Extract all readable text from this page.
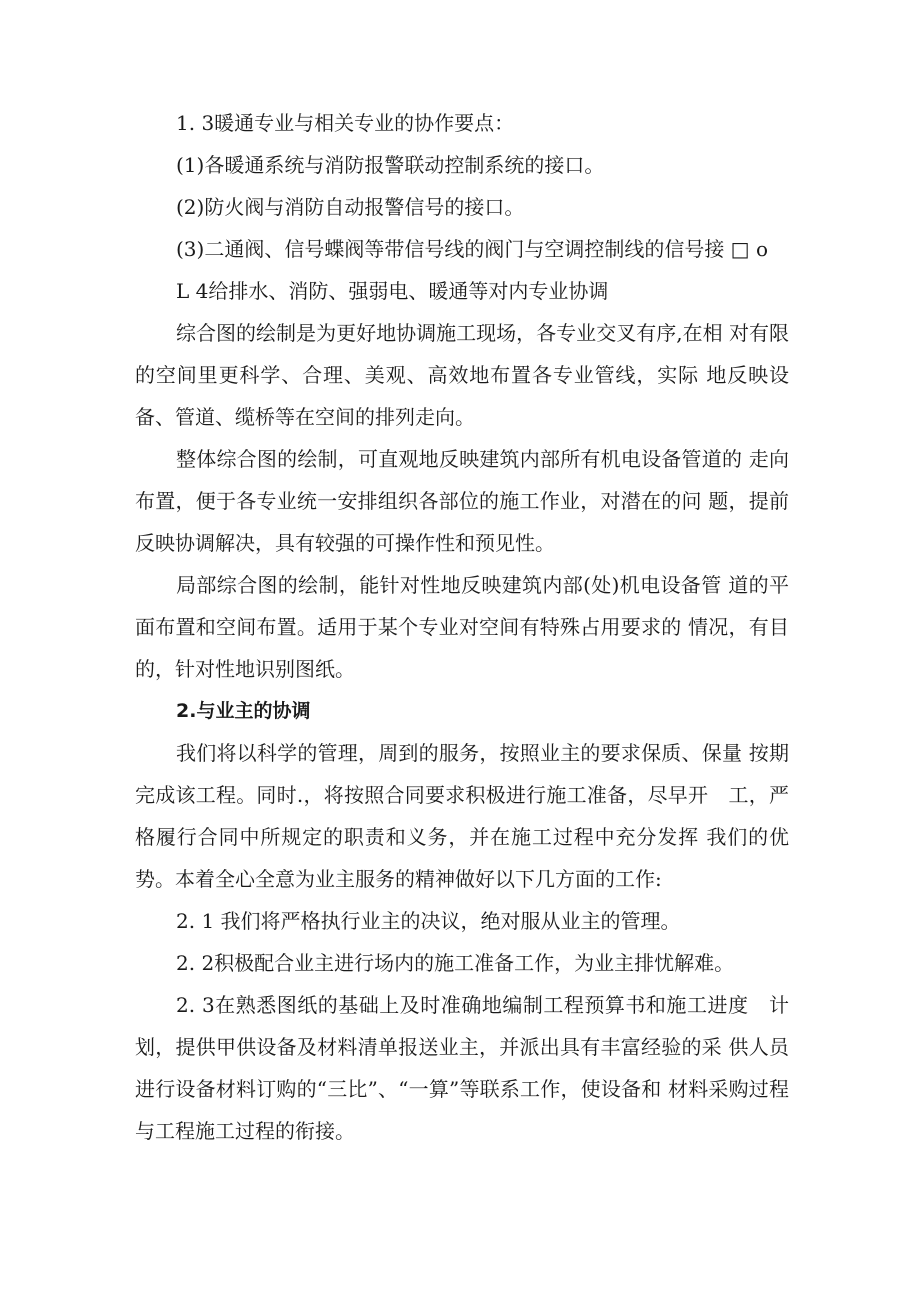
1. 3暖通专业与相关专业的协作要点：
(1)各暖通系统与消防报警联动控制系统的接口。
(2)防火阀与消防自动报警信号的接口。
(3)二通阀、信号蝶阀等带信号线的阀门与空调控制线的信号接 □ o
L 4给排水、消防、强弱电、暖通等对内专业协调

综合图的绘制是为更好地协调施工现场，各专业交叉有序,在相 对有限的空间里更科学、合理、美观、高效地布置各专业管线，实际 地反映设备、管道、缆桥等在空间的排列走向。

整体综合图的绘制，可直观地反映建筑内部所有机电设备管道的 走向布置，便于各专业统一安排组织各部位的施工作业，对潜在的问 题，提前反映协调解决，具有较强的可操作性和预见性。

局部综合图的绘制，能针对性地反映建筑内部(处)机电设备管 道的平面布置和空间布置。适用于某个专业对空间有特殊占用要求的 情况，有目的，针对性地识别图纸。

2.与业主的协调

我们将以科学的管理，周到的服务，按照业主的要求保质、保量 按期完成该工程。同时.，将按照合同要求积极进行施工准备，尽早开　工，严格履行合同中所规定的职责和义务，并在施工过程中充分发挥 我们的优势。本着全心全意为业主服务的精神做好以下几方面的工作:

2. 1 我们将严格执行业主的决议，绝对服从业主的管理。
2. 2积极配合业主进行场内的施工准备工作，为业主排忧解难。

2. 3在熟悉图纸的基础上及时准确地编制工程预算书和施工进度　计划，提供甲供设备及材料清单报送业主，并派出具有丰富经验的采 供人员进行设备材料订购的“三比”、“一算”等联系工作，使设备和 材料采购过程与工程施工过程的衔接。
